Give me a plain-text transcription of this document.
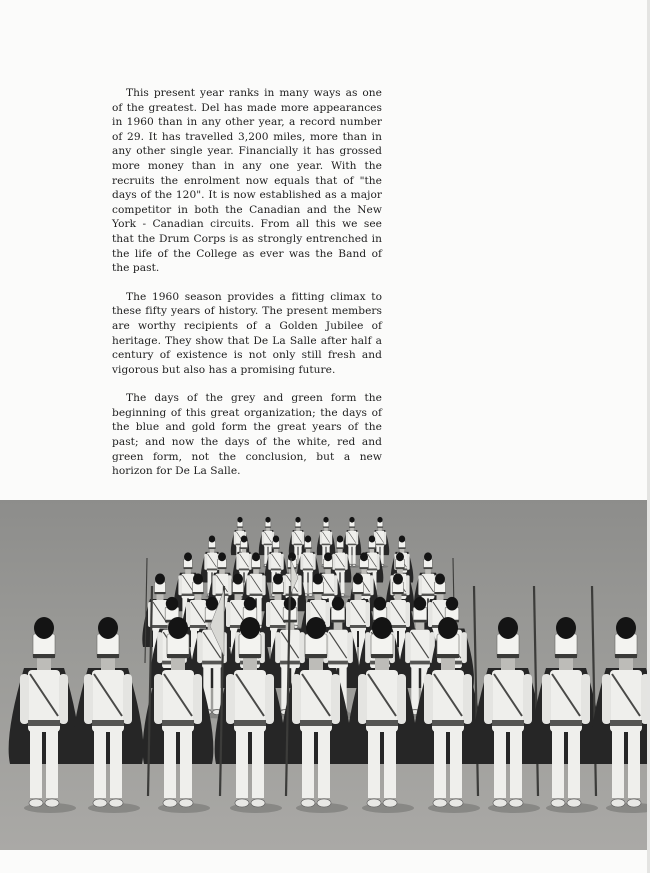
This present year ranks in many ways as one of the greatest. Del has made more appearances in 1960 than in any other year, a record number of 29. It has travelled 3,200 miles, more than in any other single year. Financially it has grossed more money than in any one year. With the recruits the enrolment now equals that of "the days of the 120". It is now established as a major competitor in both the Canadian and the New York - Canadian circuits. From all this we see that the Drum Corps is as strongly entrenched in the life of the College as ever was the Band of the past.

The 1960 season provides a fitting climax to these fifty years of history. The present members are worthy recipients of a Golden Jubilee of heritage. They show that De La Salle after half a century of existence is not only still fresh and vigorous but also has a promising future.

The days of the grey and green form the beginning of this great organization; the days of the blue and gold form the great years of the past; and now the days of the white, red and green form, not the conclusion, but a new horizon for De La Salle.
